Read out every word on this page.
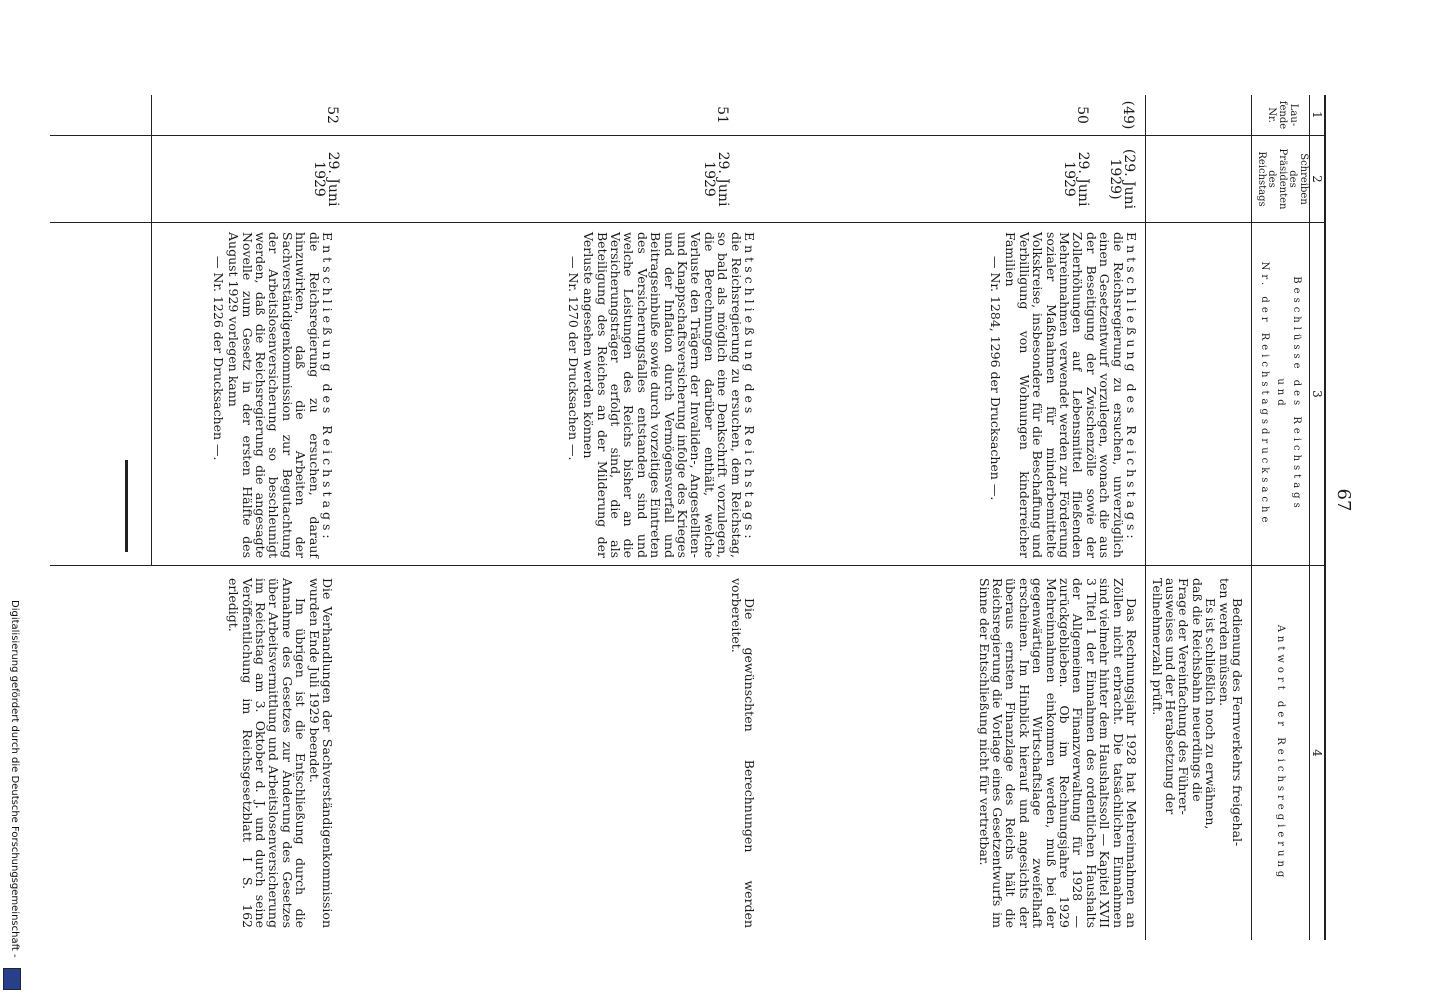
67
1
2
3
4
Lau-
fende
Nr.
Schreiben
des
Präsidenten
des
Reichstags
Beschlüsse des Reichstags
und
Nr. der Reichstagsdrucksache
Antwort der Reichsregierung
Bedienung des Fernverkehrs freigehal-
ten werden müssen.
Es ist schließlich noch zu erwähnen,
daß die Reichsbahn neuerdings die
Frage der Vereinfachung des Führer-
ausweises und der Herabsetzung der
Teilnehmerzahl prüft.
(49)
50
(29. Juni
1929)
29. Juni
1929
Entschließung des Reichstags:
die Reichsregierung zu ersuchen, unverzüglich einen Gesetzentwurf vorzulegen, wonach die aus der Beseitigung der Zwischenzölle sowie der Zollerhöhungen auf Lebensmittel fließenden Mehreinnahmen verwendet werden zur Förderung sozialer Maßnahmen für minderbemittelte Volkskreise, insbesondere für die Beschaffung und Verbilligung von Wohnungen kinderreicher Familien
— Nr. 1284, 1296 der Drucksachen —.

Das Rechnungsjahr 1928 hat Mehreinnahmen an Zöllen nicht erbracht. Die tatsächlichen Einnahmen sind vielmehr hinter dem Haushaltssoll — Kapitel XVII 3 Titel 1 der Einnahmen des ordentlichen Haushalts der Allgemeinen Finanzverwaltung für 1928 — zurückgeblieben. Ob im Rechnungsjahre 1929 Mehreinnahmen einkommen werden, muß bei der gegenwärtigen Wirtschaftslage zweifelhaft erscheinen. Im Hinblick hierauf und angesichts der überaus ernsten Finanzlage des Reichs hält die Reichsregierung die Vorlage eines Gesetzentwurfs im Sinne der Entschließung nicht für vertretbar.

51
29. Juni
1929
Entschließung des Reichstags:
die Reichsregierung zu ersuchen, dem Reichstag, so bald als möglich eine Denkschrift vorzulegen, die Berechnungen darüber enthält, welche Verluste den Trägern der Invaliden-, Angestellten- und Knappschaftsversicherung infolge des Krieges und der Inflation durch Vermögensverfall und Beitragseinbuße sowie durch vorzeitiges Eintreten des Versicherungsfalles entstanden sind und welche Leistungen des Reichs bisher an die Versicherungsträger erfolgt sind, die als Beteiligung des Reiches an der Milderung der Verluste angesehen werden können
— Nr. 1270 der Drucksachen —.

Die gewünschten Berechnungen werden vorbereitet.

52
29. Juni
1929
Entschließung des Reichstags:
die Reichsregierung zu ersuchen, darauf hinzuwirken, daß die Arbeiten der Sachverständigenkommission zur Begutachtung der Arbeitslosenversicherung so beschleunigt werden, daß die Reichsregierung die angesagte Novelle zum Gesetz in der ersten Hälfte des August 1929 vorlegen kann
— Nr. 1226 der Drucksachen —.

Die Verhandlungen der Sachverständigenkommission wurden Ende Juli 1929 beendet.

Im übrigen ist die Entschließung durch die Annahme des Gesetzes zur Änderung des Gesetzes über Arbeitsvermittlung und Arbeitslosenversicherung im Reichstag am 3. Oktober d. J. und durch seine Veröffentlichung im Reichsgesetzblatt I S. 162 erledigt.

Digitalisierung gefördert durch die Deutsche Forschungsgemeinschaft -
